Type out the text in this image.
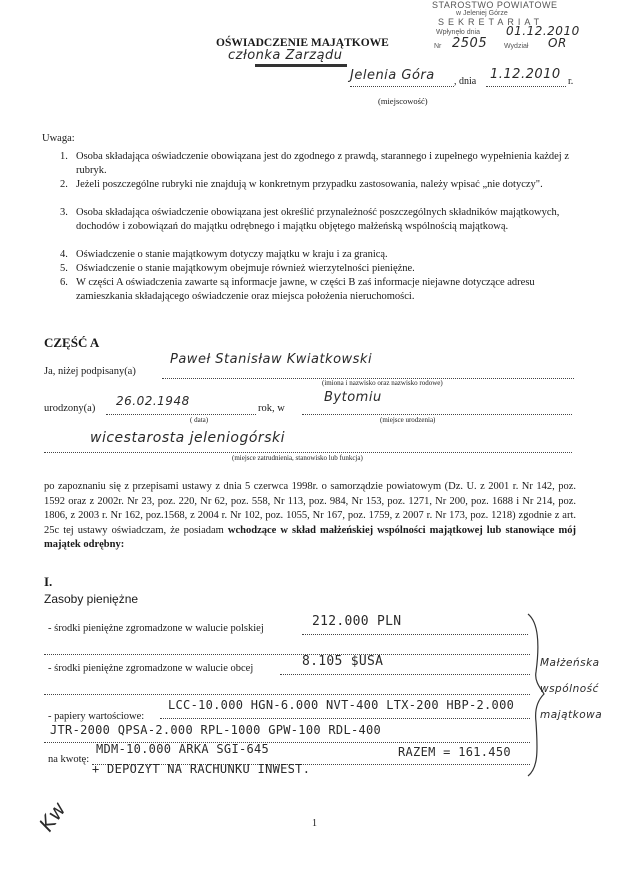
STAROSTWO POWIATOWE
w Jeleniej Górze
SEKRETARIAT
Wpłynęło dnia 01.12.2010
Nr 2505 Wydział OR
OŚWIADCZENIE MAJĄTKOWE
członka Zarządu
Jelenia Góra , dnia 1.12.2010 r.
(miejscowość)
Uwaga:
1. Osoba składająca oświadczenie obowiązana jest do zgodnego z prawdą, starannego i zupełnego wypełnienia każdej z rubryk.
2. Jeżeli poszczególne rubryki nie znajdują w konkretnym przypadku zastosowania, należy wpisać „nie dotyczy".
3. Osoba składająca oświadczenie obowiązana jest określić przynależność poszczególnych składników majątkowych, dochodów i zobowiązań do majątku odrębnego i majątku objętego małżeńską wspólnością majątkową.
4. Oświadczenie o stanie majątkowym dotyczy majątku w kraju i za granicą.
5. Oświadczenie o stanie majątkowym obejmuje również wierzytelności pieniężne.
6. W części A oświadczenia zawarte są informacje jawne, w części B zaś informacje niejawne dotyczące adresu zamieszkania składającego oświadczenie oraz miejsca położenia nieruchomości.
CZĘŚĆ A
Ja, niżej podpisany(a)
Paweł Stanisław Kwiatkowski
(imiona i nazwisko oraz nazwisko rodowe)
urodzony(a)
26.02.1948
rok, w
Bytomiu
( data)	(miejsce urodzenia)
wicestarosta jeleniogórski
(miejsce zatrudnienia, stanowisko lub funkcja)
po zapoznaniu się z przepisami ustawy z dnia 5 czerwca 1998r. o samorządzie powiatowym (Dz. U. z 2001 r. Nr 142, poz. 1592 oraz z 2002r. Nr 23, poz. 220, Nr 62, poz. 558, Nr 113, poz. 984, Nr 153, poz. 1271, Nr 200, poz. 1688 i Nr 214, poz. 1806, z 2003 r. Nr 162, poz.1568, z 2004 r. Nr 102, poz. 1055, Nr 167, poz. 1759, z 2007 r. Nr 173, poz. 1218) zgodnie z art. 25c tej ustawy oświadczam, że posiadam wchodzące w skład małżeńskiej wspólności majątkowej lub stanowiące mój majątek odrębny:
I.
Zasoby pieniężne
- środki pieniężne zgromadzone w walucie polskiej	212.000 PLN
- środki pieniężne zgromadzone w walucie obcej	8.105 $USA
- papiery wartościowe:
LCC-10.000 HGN-6.000 NVT-400 LTX-200 HBP-2.000
JTR-2000 QPSA-2.000 RPL-1000 GPW-100 RDL-400
na kwotę:
MDM-10.000 ARKA SGI-645	RAZEM = 161.450
+ DEPOZYT NA RACHUNKU INWEST.
Małżeńska wspólność majątkowa
1
Kw
